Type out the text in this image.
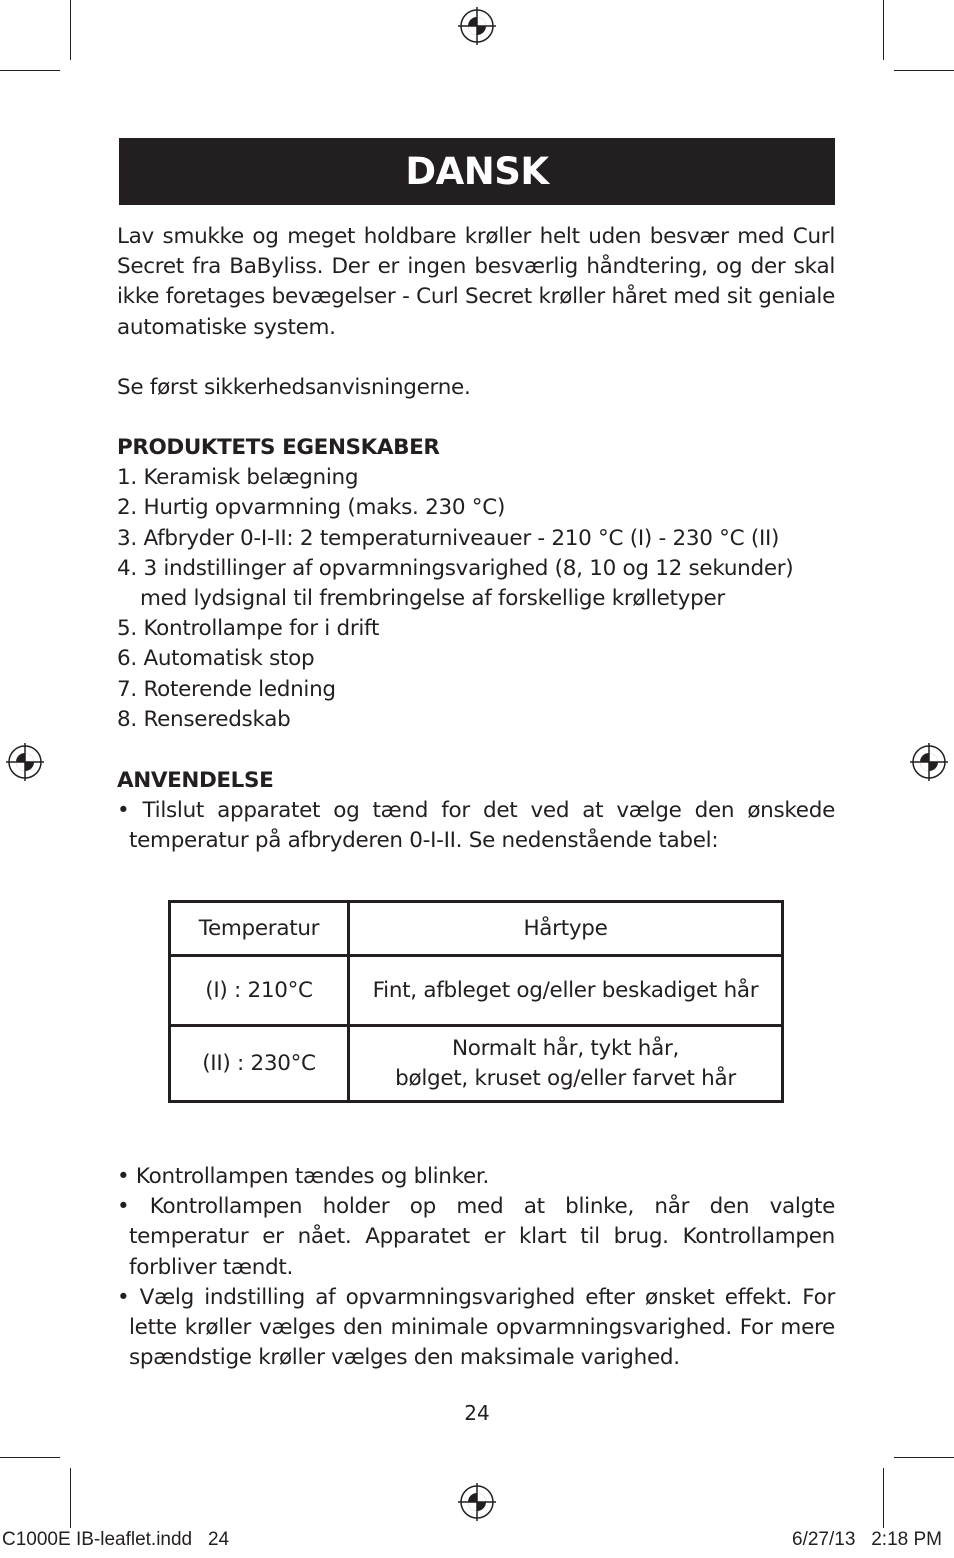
DANSK
Lav smukke og meget holdbare krøller helt uden besvær med Curl Secret fra BaByliss. Der er ingen besværlig håndtering, og der skal ikke foretages bevægelser - Curl Secret krøller håret med sit geniale automatiske system.
Se først sikkerhedsanvisningerne.
PRODUKTETS EGENSKABER
1. Keramisk belægning
2. Hurtig opvarmning (maks. 230 °C)
3. Afbryder 0-I-II: 2 temperaturniveauer - 210 °C (I) - 230 °C (II)
4. 3 indstillinger af opvarmningsvarighed (8, 10 og 12 sekunder) med lydsignal til frembringelse af forskellige krølletyper
5. Kontrollampe for i drift
6. Automatisk stop
7. Roterende ledning
8. Renseredskab
ANVENDELSE
• Tilslut apparatet og tænd for det ved at vælge den ønskede temperatur på afbryderen 0-I-II. Se nedenstående tabel:
Temperatur	Hårtype
(I) : 210°C	Fint, afbleget og/eller beskadiget hår

(II) : 230°C	Normalt hår, tykt hår,
bølget, kruset og/eller farvet hår
• Kontrollampen tændes og blinker.
• Kontrollampen holder op med at blinke, når den valgte temperatur er nået. Apparatet er klart til brug. Kontrollampen forbliver tændt.
• Vælg indstilling af opvarmningsvarighed efter ønsket effekt. For lette krøller vælges den minimale opvarmningsvarighed. For mere spændstige krøller vælges den maksimale varighed.
24
C1000E IB-leaflet.indd   24	6/27/13   2:18 PM
